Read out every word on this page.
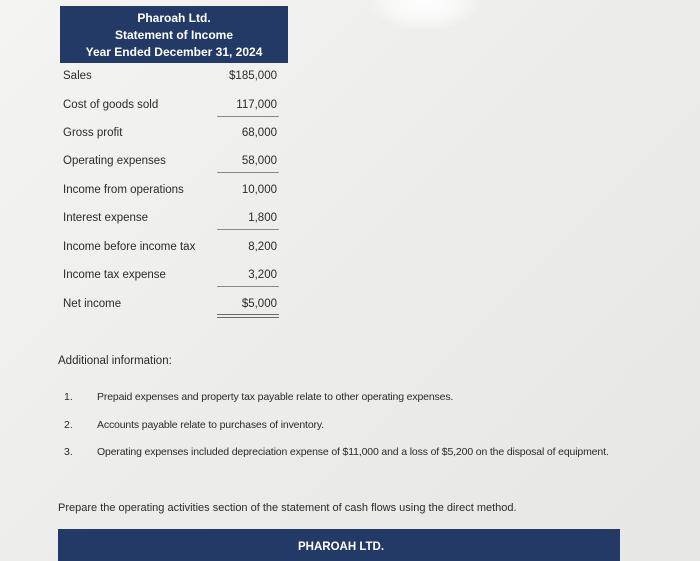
Pharoah Ltd.
Statement of Income
Year Ended December 31, 2024
Sales	$185,000
Cost of goods sold	117,000
Gross profit	68,000
Operating expenses	58,000
Income from operations	10,000
Interest expense	1,800
Income before income tax	8,200
Income tax expense	3,200
Net income	$5,000
Additional information:
1. Prepaid expenses and property tax payable relate to other operating expenses.
2. Accounts payable relate to purchases of inventory.
3. Operating expenses included depreciation expense of $11,000 and a loss of $5,200 on the disposal of equipment.
Prepare the operating activities section of the statement of cash flows using the direct method.
PHAROAH LTD.
